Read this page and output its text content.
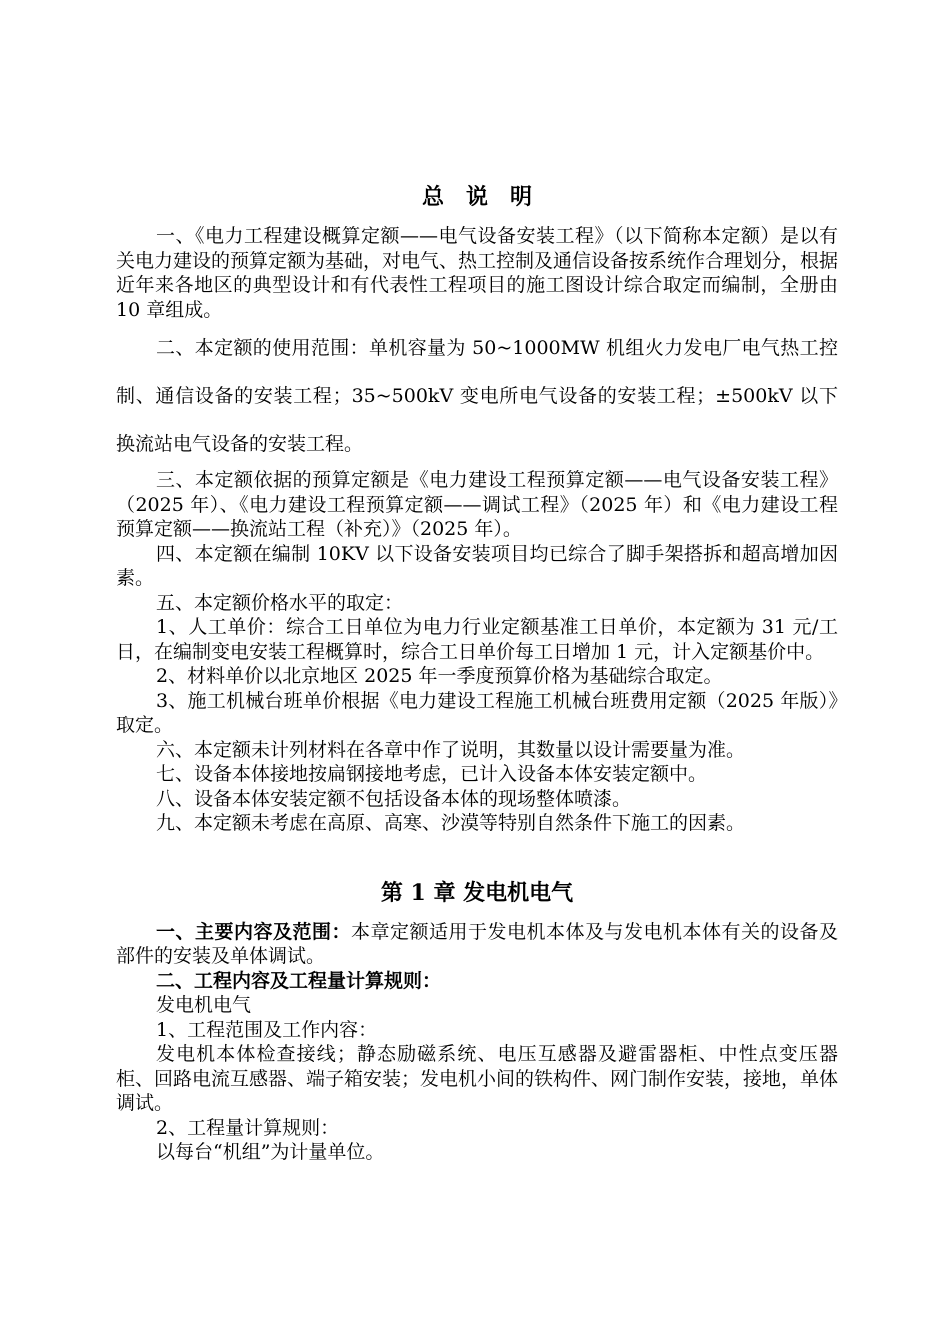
总说明

一、《电力工程建设概算定额——电气设备安装工程》（以下简称本定额）是以有关电力建设的预算定额为基础，对电气、热工控制及通信设备按系统作合理划分，根据近年来各地区的典型设计和有代表性工程项目的施工图设计综合取定而编制，全册由 10 章组成。

二、本定额的使用范围：单机容量为 50~1000MW 机组火力发电厂电气热工控制、通信设备的安装工程；35~500kV 变电所电气设备的安装工程；±500kV 以下换流站电气设备的安装工程。

三、本定额依据的预算定额是《电力建设工程预算定额——电气设备安装工程》（2025 年）、《电力建设工程预算定额——调试工程》（2025 年）和《电力建设工程预算定额——换流站工程（补充）》（2025 年）。

四、本定额在编制 10KV 以下设备安装项目均已综合了脚手架搭拆和超高增加因素。

五、本定额价格水平的取定：

1、人工单价：综合工日单位为电力行业定额基准工日单价，本定额为 31 元/工日，在编制变电安装工程概算时，综合工日单价每工日增加 1 元，计入定额基价中。

2、材料单价以北京地区 2025 年一季度预算价格为基础综合取定。

3、施工机械台班单价根据《电力建设工程施工机械台班费用定额（2025 年版）》取定。

六、本定额未计列材料在各章中作了说明，其数量以设计需要量为准。

七、设备本体接地按扁钢接地考虑，已计入设备本体安装定额中。

八、设备本体安装定额不包括设备本体的现场整体喷漆。

九、本定额未考虑在高原、高寒、沙漠等特别自然条件下施工的因素。

第 1 章 发电机电气

一、主要内容及范围：本章定额适用于发电机本体及与发电机本体有关的设备及部件的安装及单体调试。

二、工程内容及工程量计算规则：

发电机电气

1、工程范围及工作内容：

发电机本体检查接线；静态励磁系统、电压互感器及避雷器柜、中性点变压器柜、回路电流互感器、端子箱安装；发电机小间的铁构件、网门制作安装，接地，单体调试。

2、工程量计算规则：

以每台“机组”为计量单位。
